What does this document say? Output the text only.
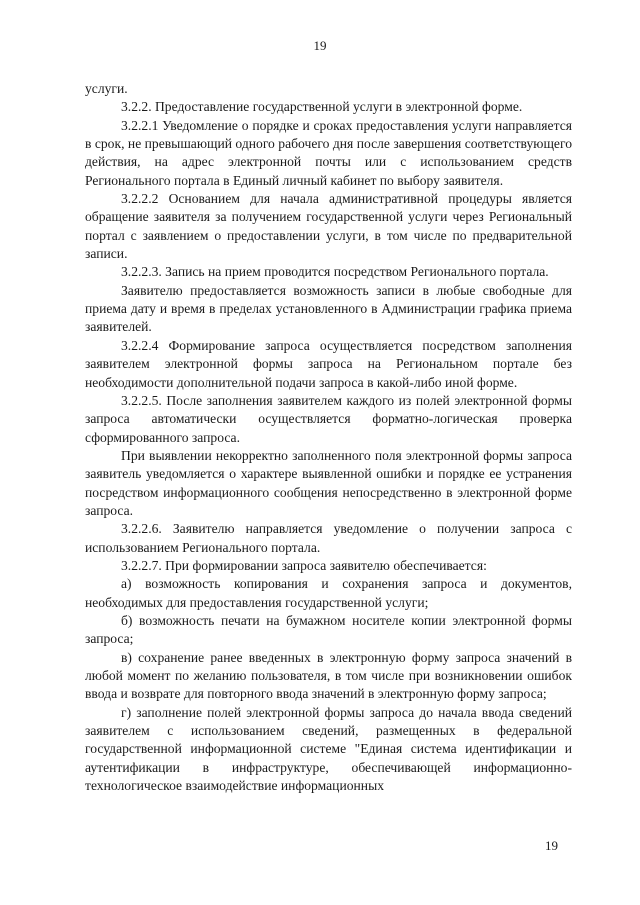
19

услуги.

3.2.2. Предоставление государственной услуги в электронной форме.

3.2.2.1 Уведомление о порядке и сроках предоставления услуги направляется в срок, не превышающий одного рабочего дня после завершения соответствующего действия, на адрес электронной почты или с использованием средств Регионального портала в Единый личный кабинет по выбору заявителя.

3.2.2.2 Основанием для начала административной процедуры является обращение заявителя за получением государственной услуги через Региональный портал с заявлением о предоставлении услуги, в том числе по предварительной записи.

3.2.2.3. Запись на прием проводится посредством Регионального портала.

Заявителю предоставляется возможность записи в любые свободные для приема дату и время в пределах установленного в Администрации графика приема заявителей.

3.2.2.4 Формирование запроса осуществляется посредством заполнения заявителем электронной формы запроса на Региональном портале без необходимости дополнительной подачи запроса в какой-либо иной форме.

3.2.2.5. После заполнения заявителем каждого из полей электронной формы запроса автоматически осуществляется форматно-логическая проверка сформированного запроса.

При выявлении некорректно заполненного поля электронной формы запроса заявитель уведомляется о характере выявленной ошибки и порядке ее устранения посредством информационного сообщения непосредственно в электронной форме запроса.

3.2.2.6. Заявителю направляется уведомление о получении запроса с использованием Регионального портала.

3.2.2.7. При формировании запроса заявителю обеспечивается:

а) возможность копирования и сохранения запроса и документов, необходимых для предоставления государственной услуги;

б) возможность печати на бумажном носителе копии электронной формы запроса;

в) сохранение ранее введенных в электронную форму запроса значений в любой момент по желанию пользователя, в том числе при возникновении ошибок ввода и возврате для повторного ввода значений в электронную форму запроса;

г) заполнение полей электронной формы запроса до начала ввода сведений заявителем с использованием сведений, размещенных в федеральной государственной информационной системе "Единая система идентификации и аутентификации в инфраструктуре, обеспечивающей информационно-технологическое взаимодействие информационных

19
